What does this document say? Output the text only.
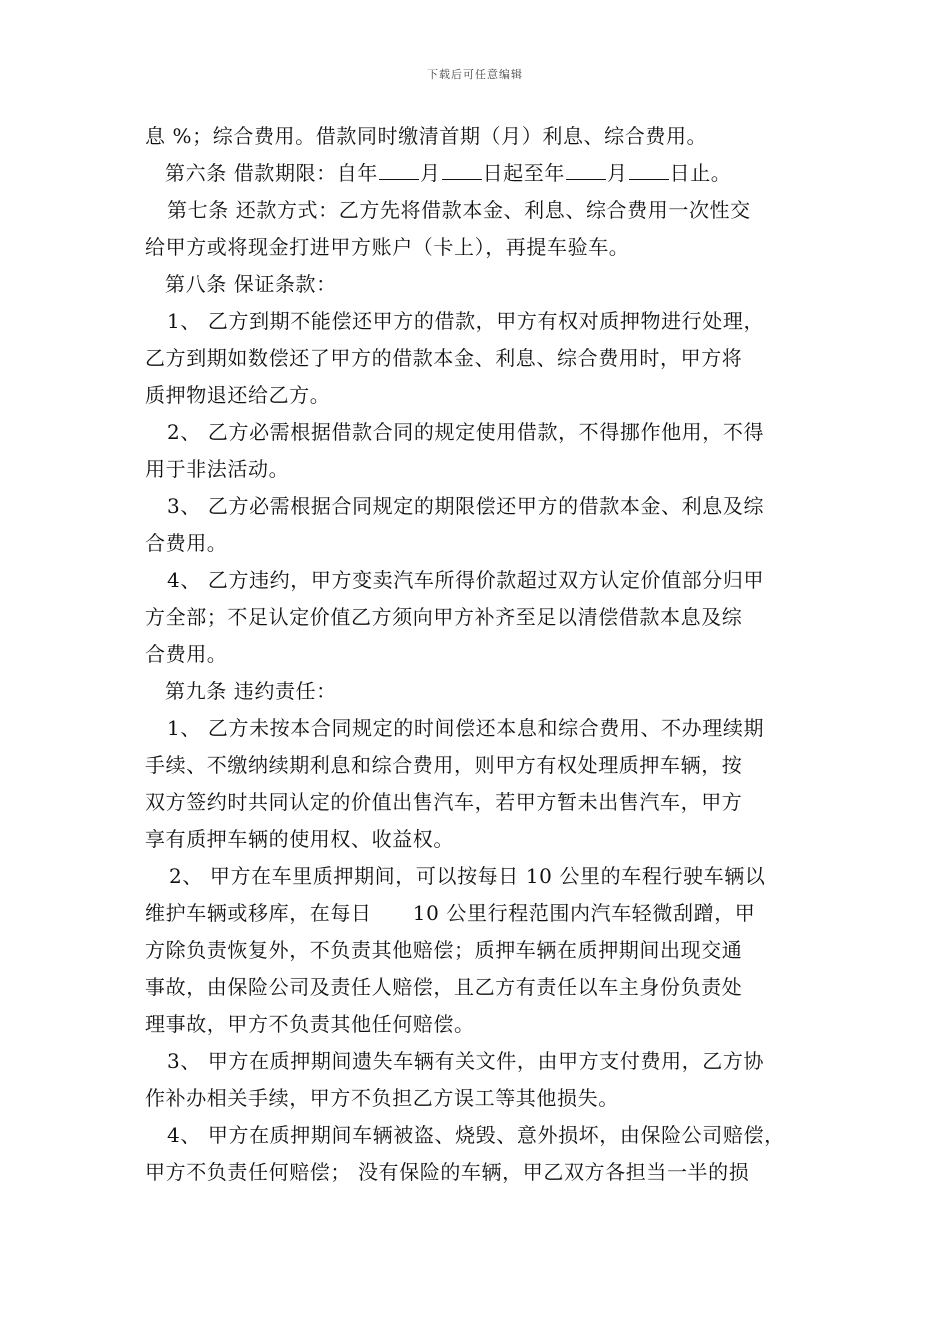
下载后可任意编辑
息 %；综合费用。借款同时缴清首期（月）利息、综合费用。
第六条 借款期限：自年 月 日起至年 月 日止。
第七条 还款方式：乙方先将借款本金、利息、综合费用一次性交
给甲方或将现金打进甲方账户（卡上），再提车验车。
第八条 保证条款：
1、 乙方到期不能偿还甲方的借款，甲方有权对质押物进行处理，
乙方到期如数偿还了甲方的借款本金、利息、综合费用时，甲方将
质押物退还给乙方。
2、 乙方必需根据借款合同的规定使用借款，不得挪作他用，不得
用于非法活动。
3、 乙方必需根据合同规定的期限偿还甲方的借款本金、利息及综
合费用。
4、 乙方违约，甲方变卖汽车所得价款超过双方认定价值部分归甲
方全部；不足认定价值乙方须向甲方补齐至足以清偿借款本息及综
合费用。
第九条 违约责任：
1、 乙方未按本合同规定的时间偿还本息和综合费用、不办理续期
手续、不缴纳续期利息和综合费用，则甲方有权处理质押车辆，按
双方签约时共同认定的价值出售汽车，若甲方暂未出售汽车，甲方
享有质押车辆的使用权、收益权。
2、 甲方在车里质押期间，可以按每日 10 公里的车程行驶车辆以
维护车辆或移库，在每日　　10 公里行程范围内汽车轻微刮蹭，甲
方除负责恢复外，不负责其他赔偿；质押车辆在质押期间出现交通
事故，由保险公司及责任人赔偿，且乙方有责任以车主身份负责处
理事故，甲方不负责其他任何赔偿。
3、 甲方在质押期间遗失车辆有关文件，由甲方支付费用，乙方协
作补办相关手续，甲方不负担乙方误工等其他损失。
4、 甲方在质押期间车辆被盗、烧毁、意外损坏，由保险公司赔偿，
甲方不负责任何赔偿； 没有保险的车辆，甲乙双方各担当一半的损
